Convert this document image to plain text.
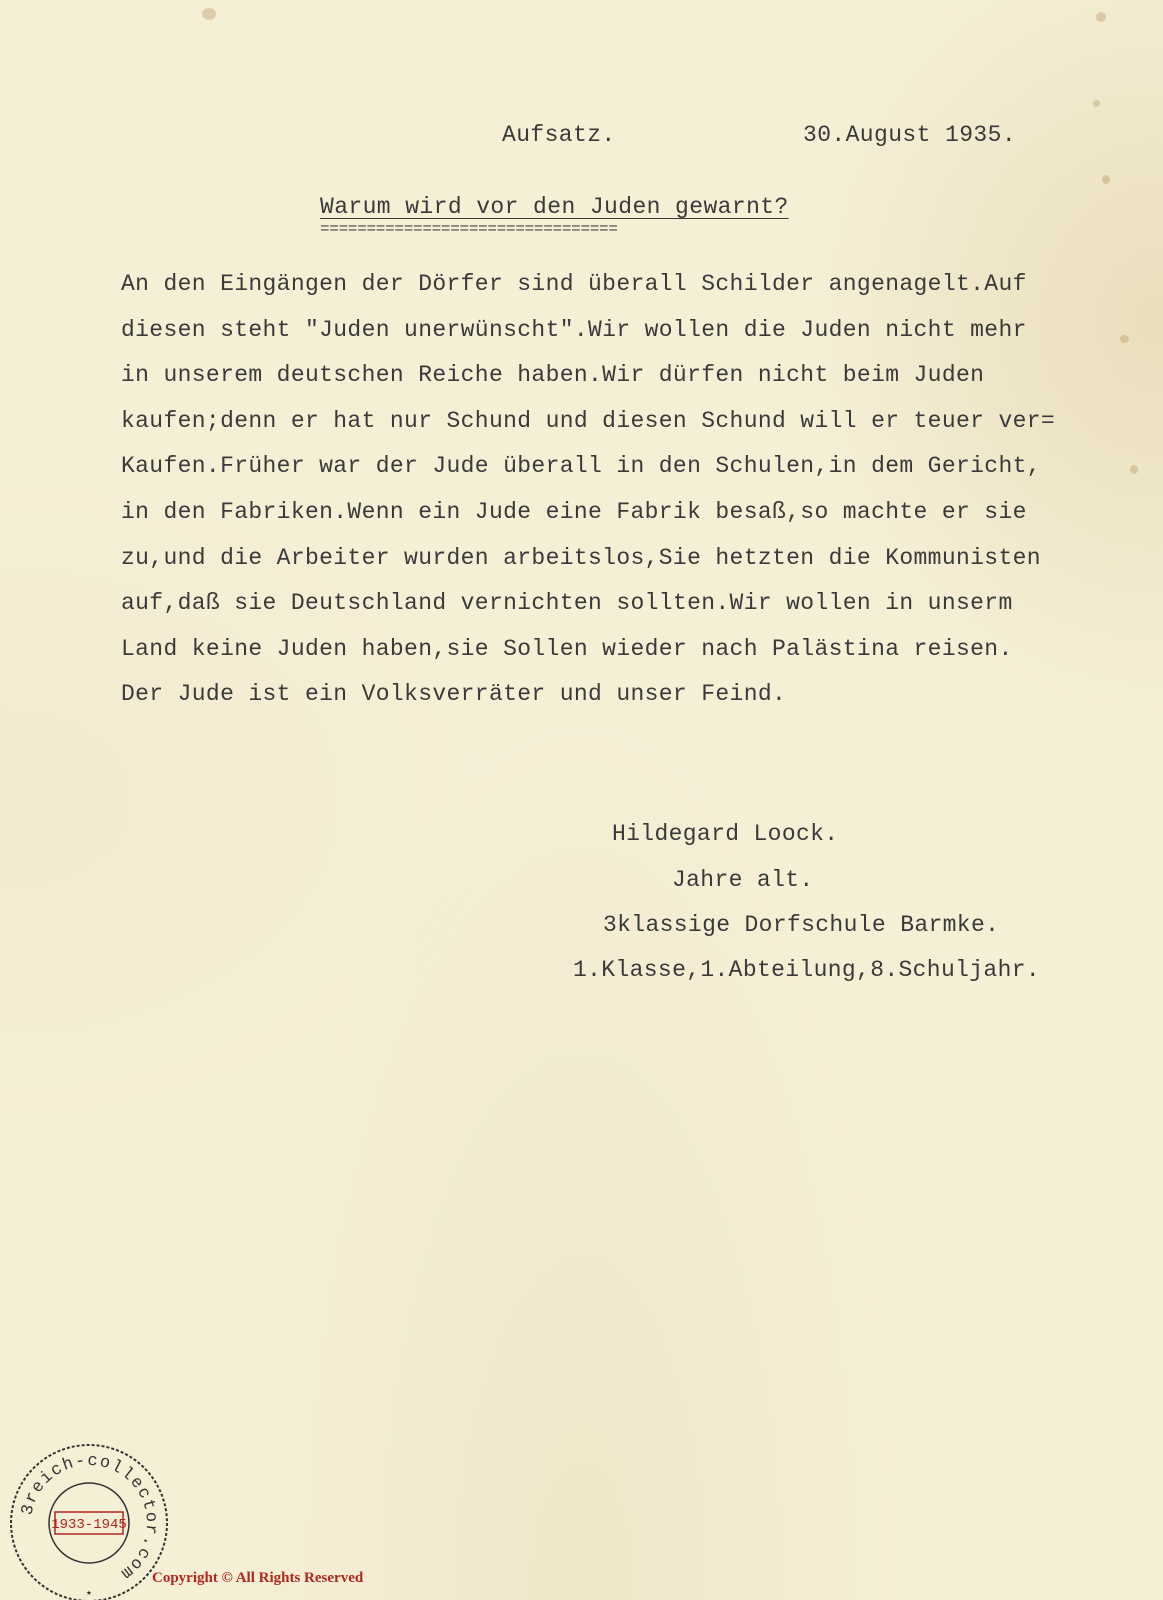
Aufsatz.	30.August 1935.
Warum wird vor den Juden gewarnt?
================================
An den Eingängen der Dörfer sind überall Schilder angenagelt.Auf
diesen steht "Juden unerwünscht".Wir wollen die Juden nicht mehr
in unserem deutschen Reiche haben.Wir dürfen nicht beim Juden
kaufen;denn er hat nur Schund und diesen Schund will er teuer ver=
Kaufen.Früher war der Jude überall in den Schulen,in dem Gericht,
in den Fabriken.Wenn ein Jude eine Fabrik besaß,so machte er sie
zu,und die Arbeiter wurden arbeitslos,Sie hetzten die Kommunisten
auf,daß sie Deutschland vernichten sollten.Wir wollen in unserm
Land keine Juden haben,sie Sollen wieder nach Palästina reisen.
Der Jude ist ein Volksverräter und unser Feind.
Hildegard Loock.
Jahre alt.
3klassige Dorfschule Barmke.
1.Klasse,1.Abteilung,8.Schuljahr.
3reich-collector.com
1933-1945
★
Copyright © All Rights Reserved
